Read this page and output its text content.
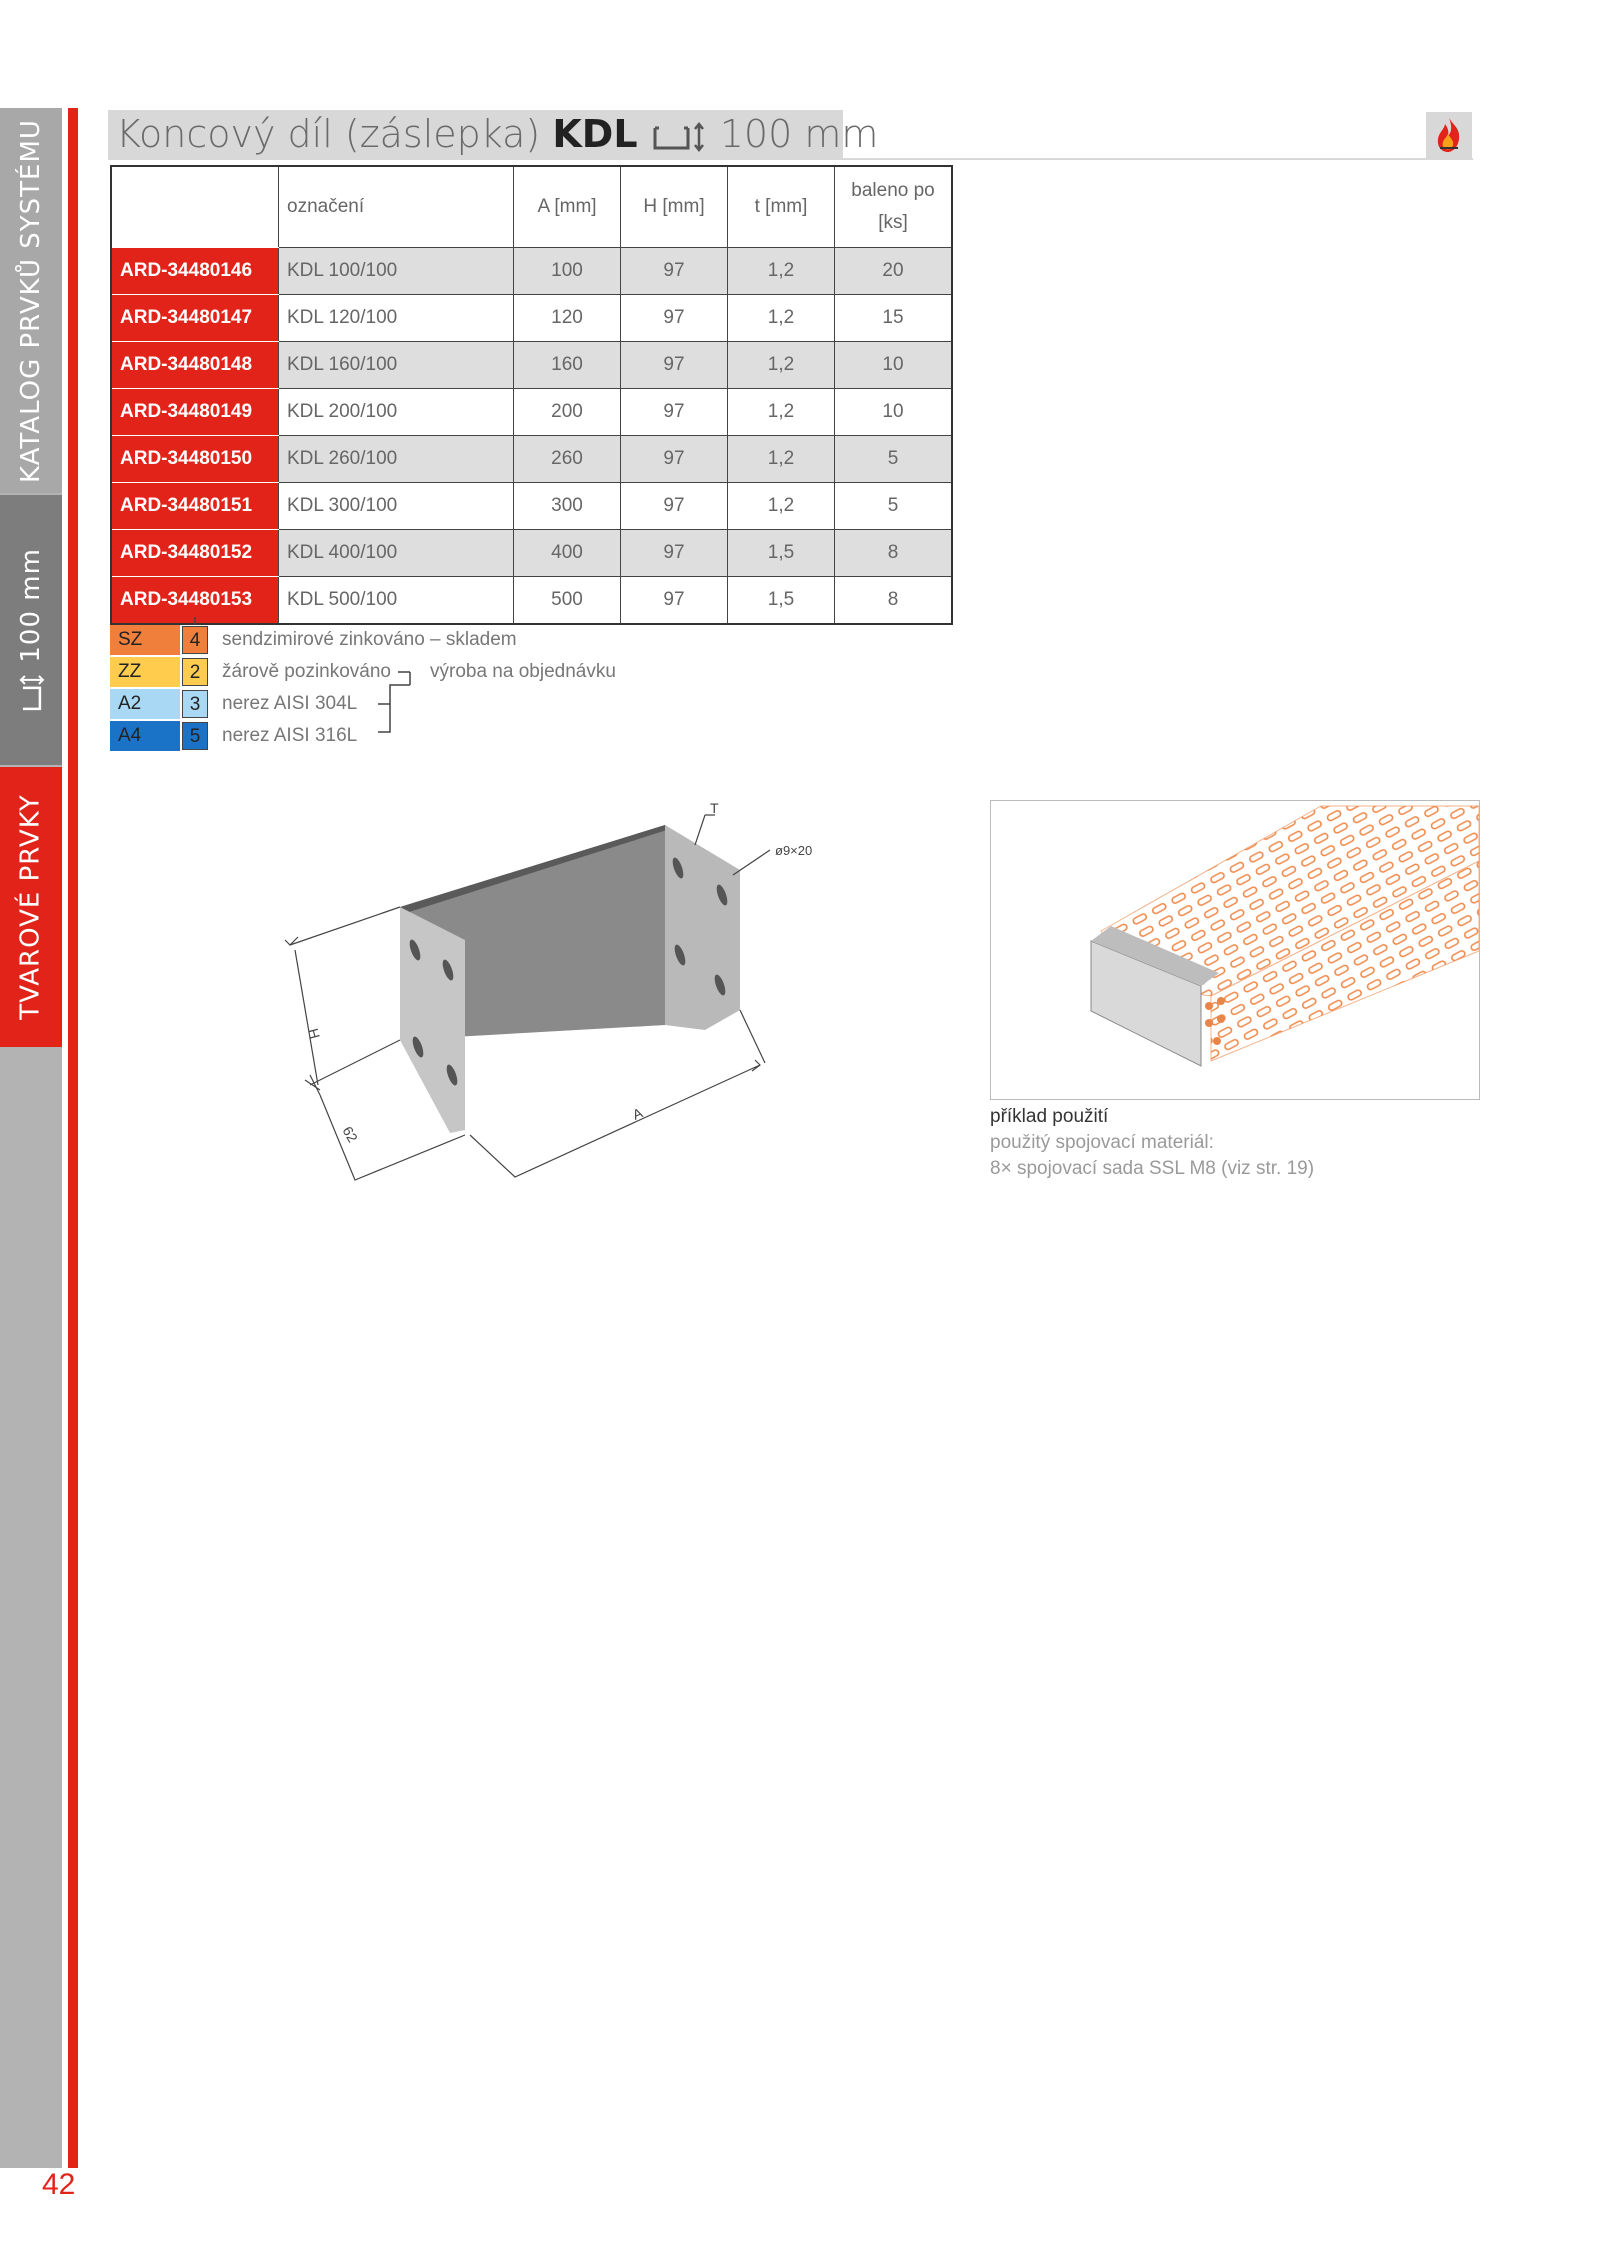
KATALOG PRVKŮ SYSTÉMU
100 mm
TVAROVÉ PRVKY
42
Koncový díl (záslepka) KDL 100 mm
objednací kód	označení	A [mm]	H [mm]	t [mm]	baleno po [ks]
ARD-34480146	KDL 100/100	100	97	1,2	20
ARD-34480147	KDL 120/100	120	97	1,2	15
ARD-34480148	KDL 160/100	160	97	1,2	10
ARD-34480149	KDL 200/100	200	97	1,2	10
ARD-34480150	KDL 260/100	260	97	1,2	5
ARD-34480151	KDL 300/100	300	97	1,2	5
ARD-34480152	KDL 400/100	400	97	1,5	8
ARD-34480153	KDL 500/100	500	97	1,5	8
SZ	4	sendzimirové zinkováno – skladem
ZZ	2	žárově pozinkováno výroba na objednávku
A2	3	nerez AISI 304L
A4	5	nerez AISI 316L
T
ø9×20
H
62
A	příklad použití
použitý spojovací materiál:
8× spojovací sada SSL M8 (viz str. 19)
